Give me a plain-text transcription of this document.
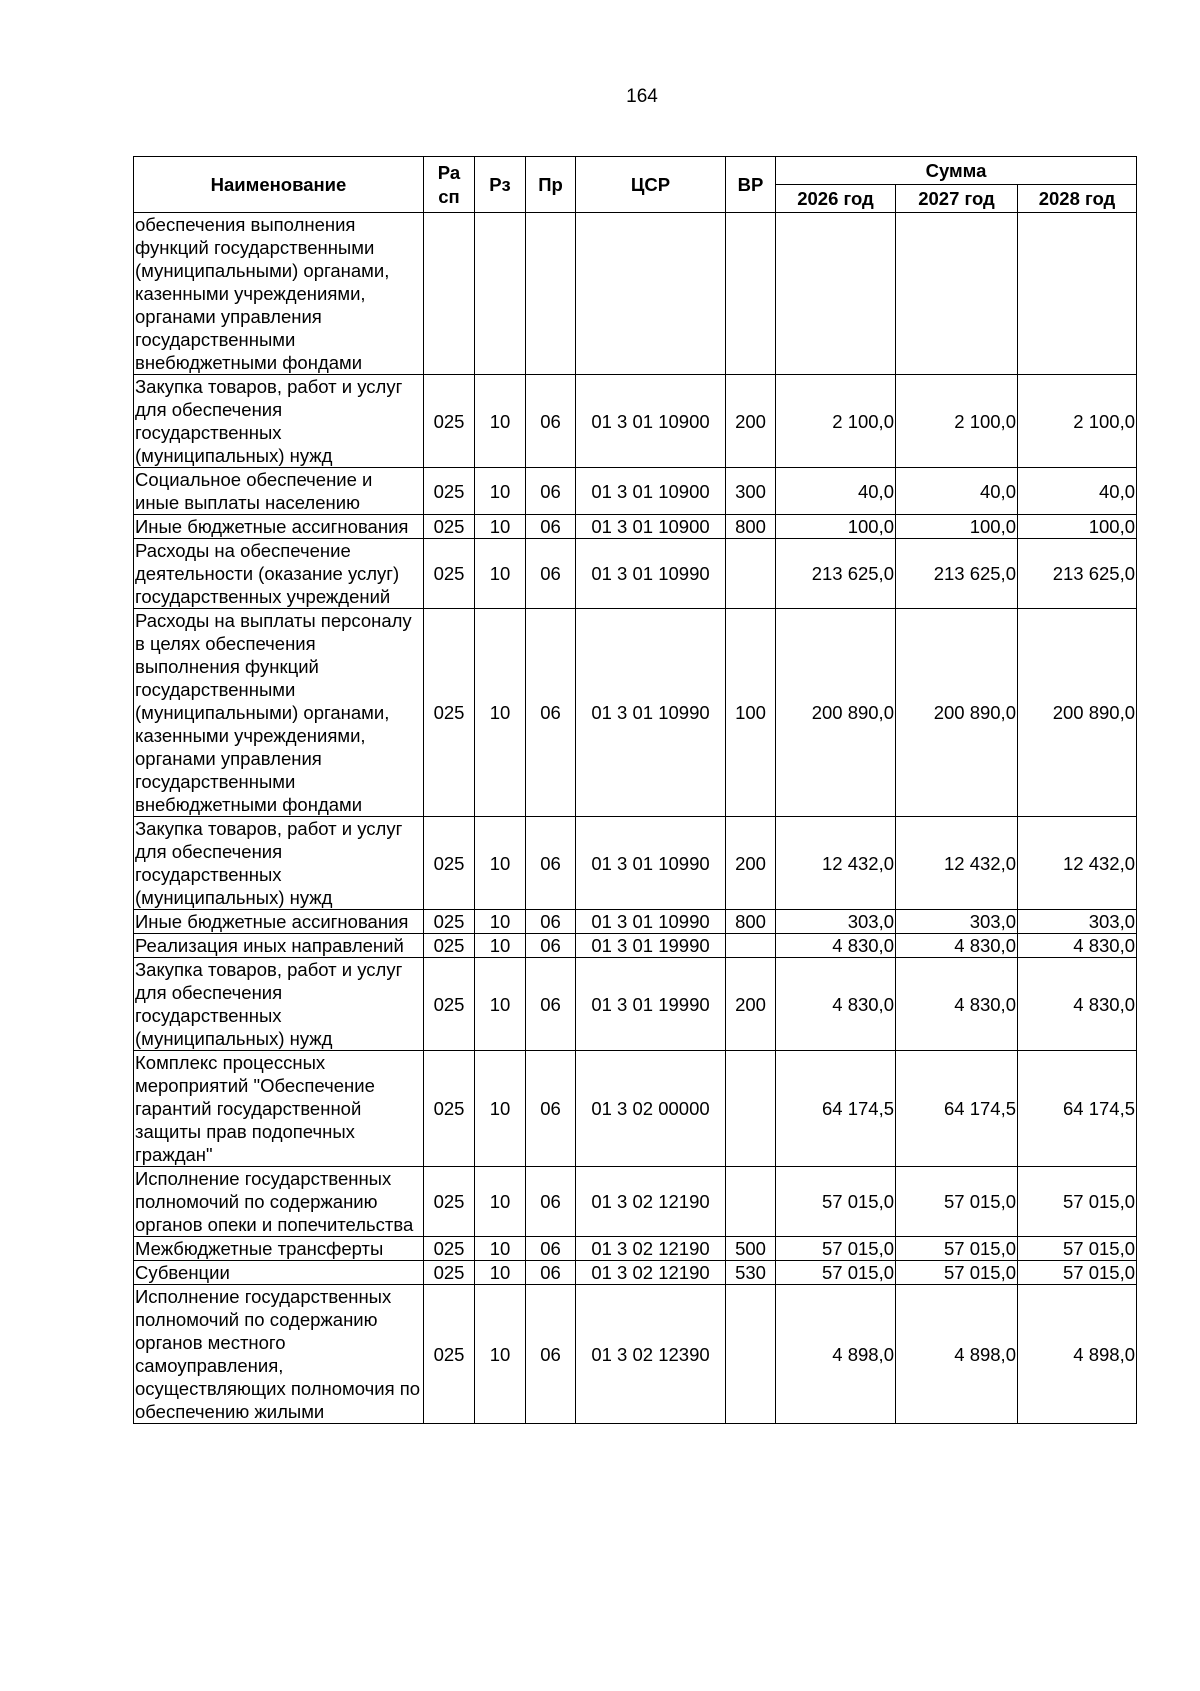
164
Наименование	Ра сп	Рз	Пр	ЦСР	ВР	Сумма		
						2026 год	2027 год	2028 год
обеспечения выполнения функций государственными (муниципальными) органами, казенными учреждениями, органами управления государственными внебюджетными фондами								
Закупка товаров, работ и услуг для обеспечения государственных (муниципальных) нужд	025	10	06	01 3 01 10900	200	2 100,0	2 100,0	2 100,0
Социальное обеспечение и иные выплаты населению	025	10	06	01 3 01 10900	300	40,0	40,0	40,0
Иные бюджетные ассигнования	025	10	06	01 3 01 10900	800	100,0	100,0	100,0
Расходы на обеспечение деятельности (оказание услуг) государственных учреждений	025	10	06	01 3 01 10990		213 625,0	213 625,0	213 625,0
Расходы на выплаты персоналу в целях обеспечения выполнения функций государственными (муниципальными) органами, казенными учреждениями, органами управления государственными внебюджетными фондами	025	10	06	01 3 01 10990	100	200 890,0	200 890,0	200 890,0
Закупка товаров, работ и услуг для обеспечения государственных (муниципальных) нужд	025	10	06	01 3 01 10990	200	12 432,0	12 432,0	12 432,0
Иные бюджетные ассигнования	025	10	06	01 3 01 10990	800	303,0	303,0	303,0
Реализация иных направлений	025	10	06	01 3 01 19990		4 830,0	4 830,0	4 830,0
Закупка товаров, работ и услуг для обеспечения государственных (муниципальных) нужд	025	10	06	01 3 01 19990	200	4 830,0	4 830,0	4 830,0
Комплекс процессных мероприятий "Обеспечение гарантий государственной защиты прав подопечных граждан"	025	10	06	01 3 02 00000		64 174,5	64 174,5	64 174,5
Исполнение государственных полномочий по содержанию органов опеки и попечительства	025	10	06	01 3 02 12190		57 015,0	57 015,0	57 015,0
Межбюджетные трансферты	025	10	06	01 3 02 12190	500	57 015,0	57 015,0	57 015,0
Субвенции	025	10	06	01 3 02 12190	530	57 015,0	57 015,0	57 015,0
Исполнение государственных полномочий по содержанию органов местного самоуправления, осуществляющих полномочия по обеспечению жилыми	025	10	06	01 3 02 12390		4 898,0	4 898,0	4 898,0
